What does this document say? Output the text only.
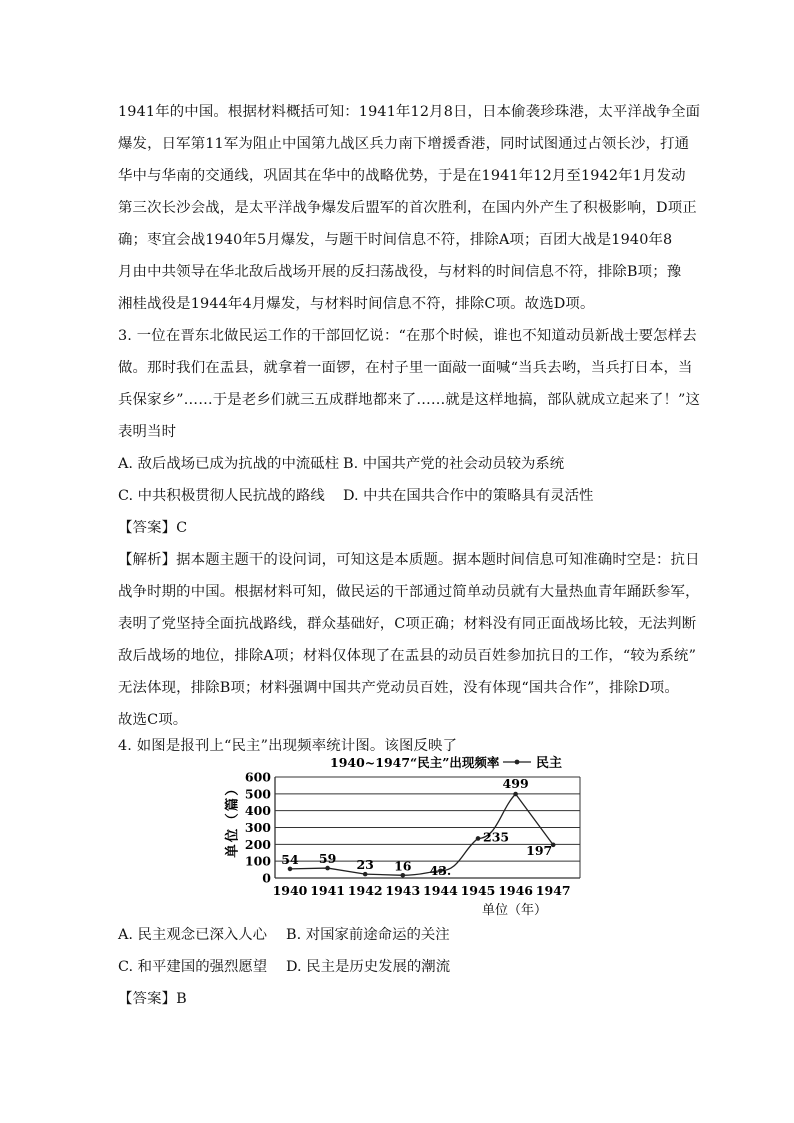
1941年的中国。根据材料概括可知：1941年12月8日，日本偷袭珍珠港，太平洋战争全面
爆发，日军第11军为阻止中国第九战区兵力南下增援香港，同时试图通过占领长沙，打通
华中与华南的交通线，巩固其在华中的战略优势，于是在1941年12月至1942年1月发动
第三次长沙会战，是太平洋战争爆发后盟军的首次胜利，在国内外产生了积极影响，D项正
确；枣宜会战1940年5月爆发，与题干时间信息不符，排除A项；百团大战是1940年8
月由中共领导在华北敌后战场开展的反扫荡战役，与材料的时间信息不符，排除B项；豫
湘桂战役是1944年4月爆发，与材料时间信息不符，排除C项。故选D项。
3. 一位在晋东北做民运工作的干部回忆说：“在那个时候，谁也不知道动员新战士要怎样去
做。那时我们在盂县，就拿着一面锣，在村子里一面敲一面喊“当兵去哟，当兵打日本，当
兵保家乡”……于是老乡们就三五成群地都来了……就是这样地搞，部队就成立起来了！”这
表明当时
A. 敌后战场已成为抗战的中流砥柱 B. 中国共产党的社会动员较为系统
C. 中共积极贯彻人民抗战的路线 D. 中共在国共合作中的策略具有灵活性
【答案】C
【解析】据本题主题干的设问词，可知这是本质题。据本题时间信息可知准确时空是：抗日
战争时期的中国。根据材料可知，做民运的干部通过简单动员就有大量热血青年踊跃参军，
表明了党坚持全面抗战路线，群众基础好，C项正确；材料没有同正面战场比较，无法判断
敌后战场的地位，排除A项；材料仅体现了在盂县的动员百姓参加抗日的工作，“较为系统”
无法体现，排除B项；材料强调中国共产党动员百姓，没有体现“国共合作”，排除D项。
故选C项。
4. 如图是报刊上“民主”出现频率统计图。该图反映了
1940~1947“民主”出现频率	民主
600
500
400
300
200
100
0
1940 1941 1942 1943 1944 1945 1946 1947
单
位
（
篇
）
单位（年）
54 59 23 16 43.
235
499
197
A. 民主观念已深入人心 B. 对国家前途命运的关注
C. 和平建国的强烈愿望 D. 民主是历史发展的潮流
【答案】B
